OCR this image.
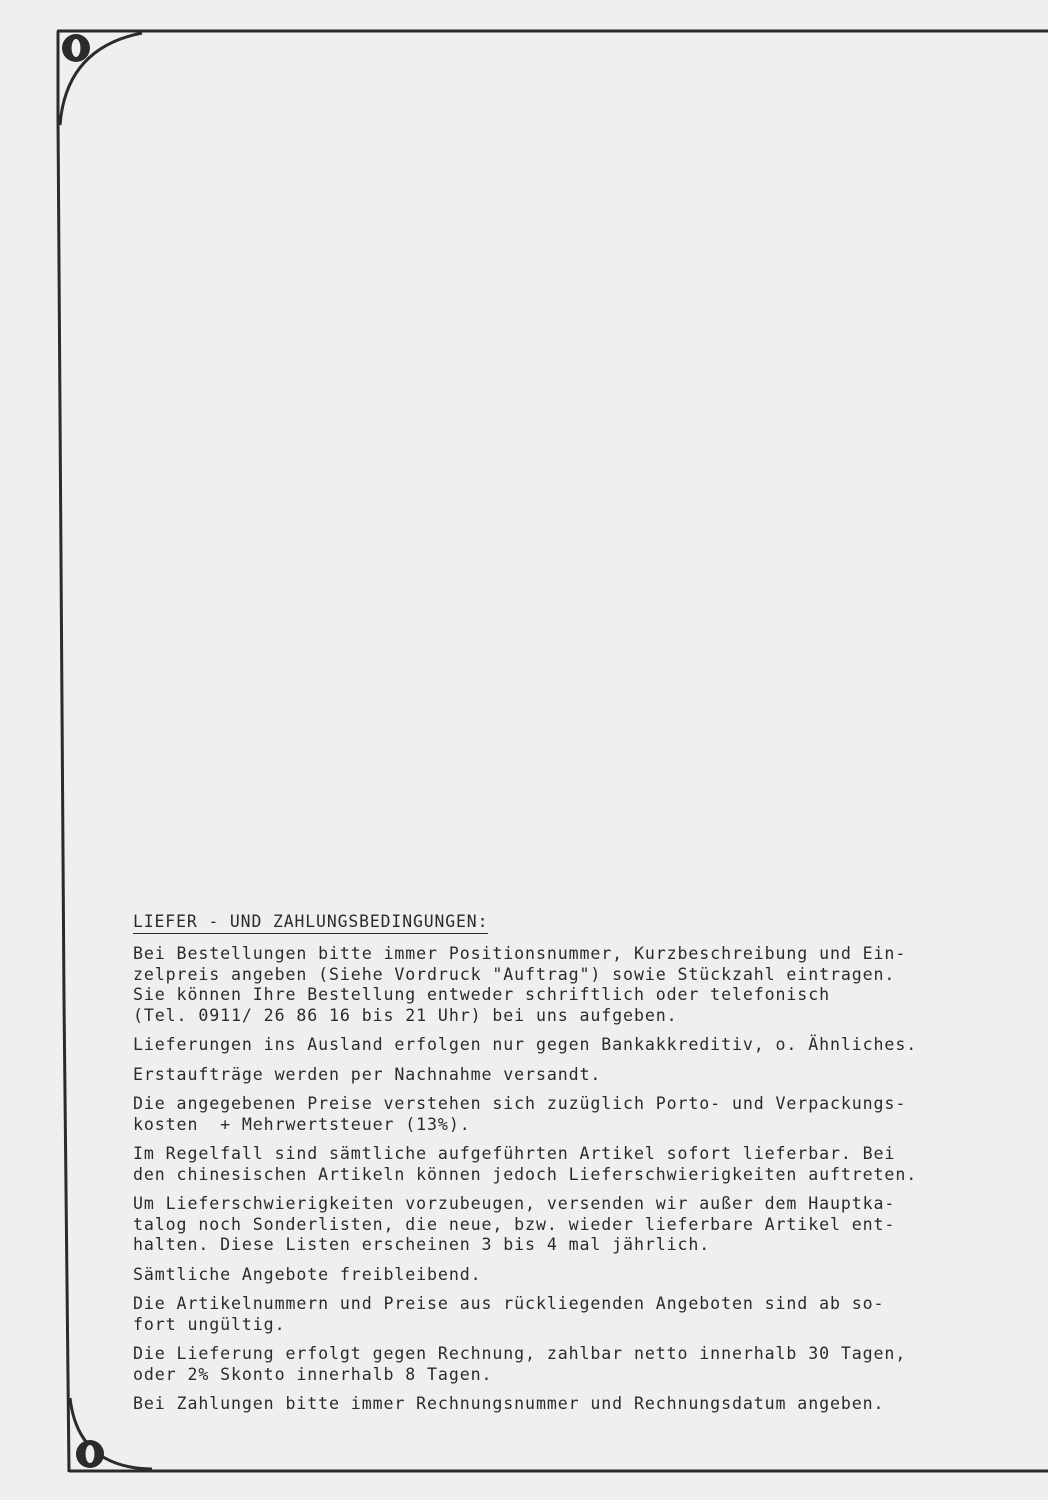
LIEFER - UND ZAHLUNGSBEDINGUNGEN:
Bei Bestellungen bitte immer Positionsnummer, Kurzbeschreibung und Ein-
zelpreis angeben (Siehe Vordruck "Auftrag") sowie Stückzahl eintragen.
Sie können Ihre Bestellung entweder schriftlich oder telefonisch
(Tel. 0911/ 26 86 16 bis 21 Uhr) bei uns aufgeben.
Lieferungen ins Ausland erfolgen nur gegen Bankakkreditiv, o. Ähnliches.
Erstaufträge werden per Nachnahme versandt.
Die angegebenen Preise verstehen sich zuzüglich Porto- und Verpackungs-
kosten  + Mehrwertsteuer (13%).
Im Regelfall sind sämtliche aufgeführten Artikel sofort lieferbar. Bei
den chinesischen Artikeln können jedoch Lieferschwierigkeiten auftreten.
Um Lieferschwierigkeiten vorzubeugen, versenden wir außer dem Hauptka-
talog noch Sonderlisten, die neue, bzw. wieder lieferbare Artikel ent-
halten. Diese Listen erscheinen 3 bis 4 mal jährlich.
Sämtliche Angebote freibleibend.
Die Artikelnummern und Preise aus rückliegenden Angeboten sind ab so-
fort ungültig.
Die Lieferung erfolgt gegen Rechnung, zahlbar netto innerhalb 30 Tagen,
oder 2% Skonto innerhalb 8 Tagen.
Bei Zahlungen bitte immer Rechnungsnummer und Rechnungsdatum angeben.
